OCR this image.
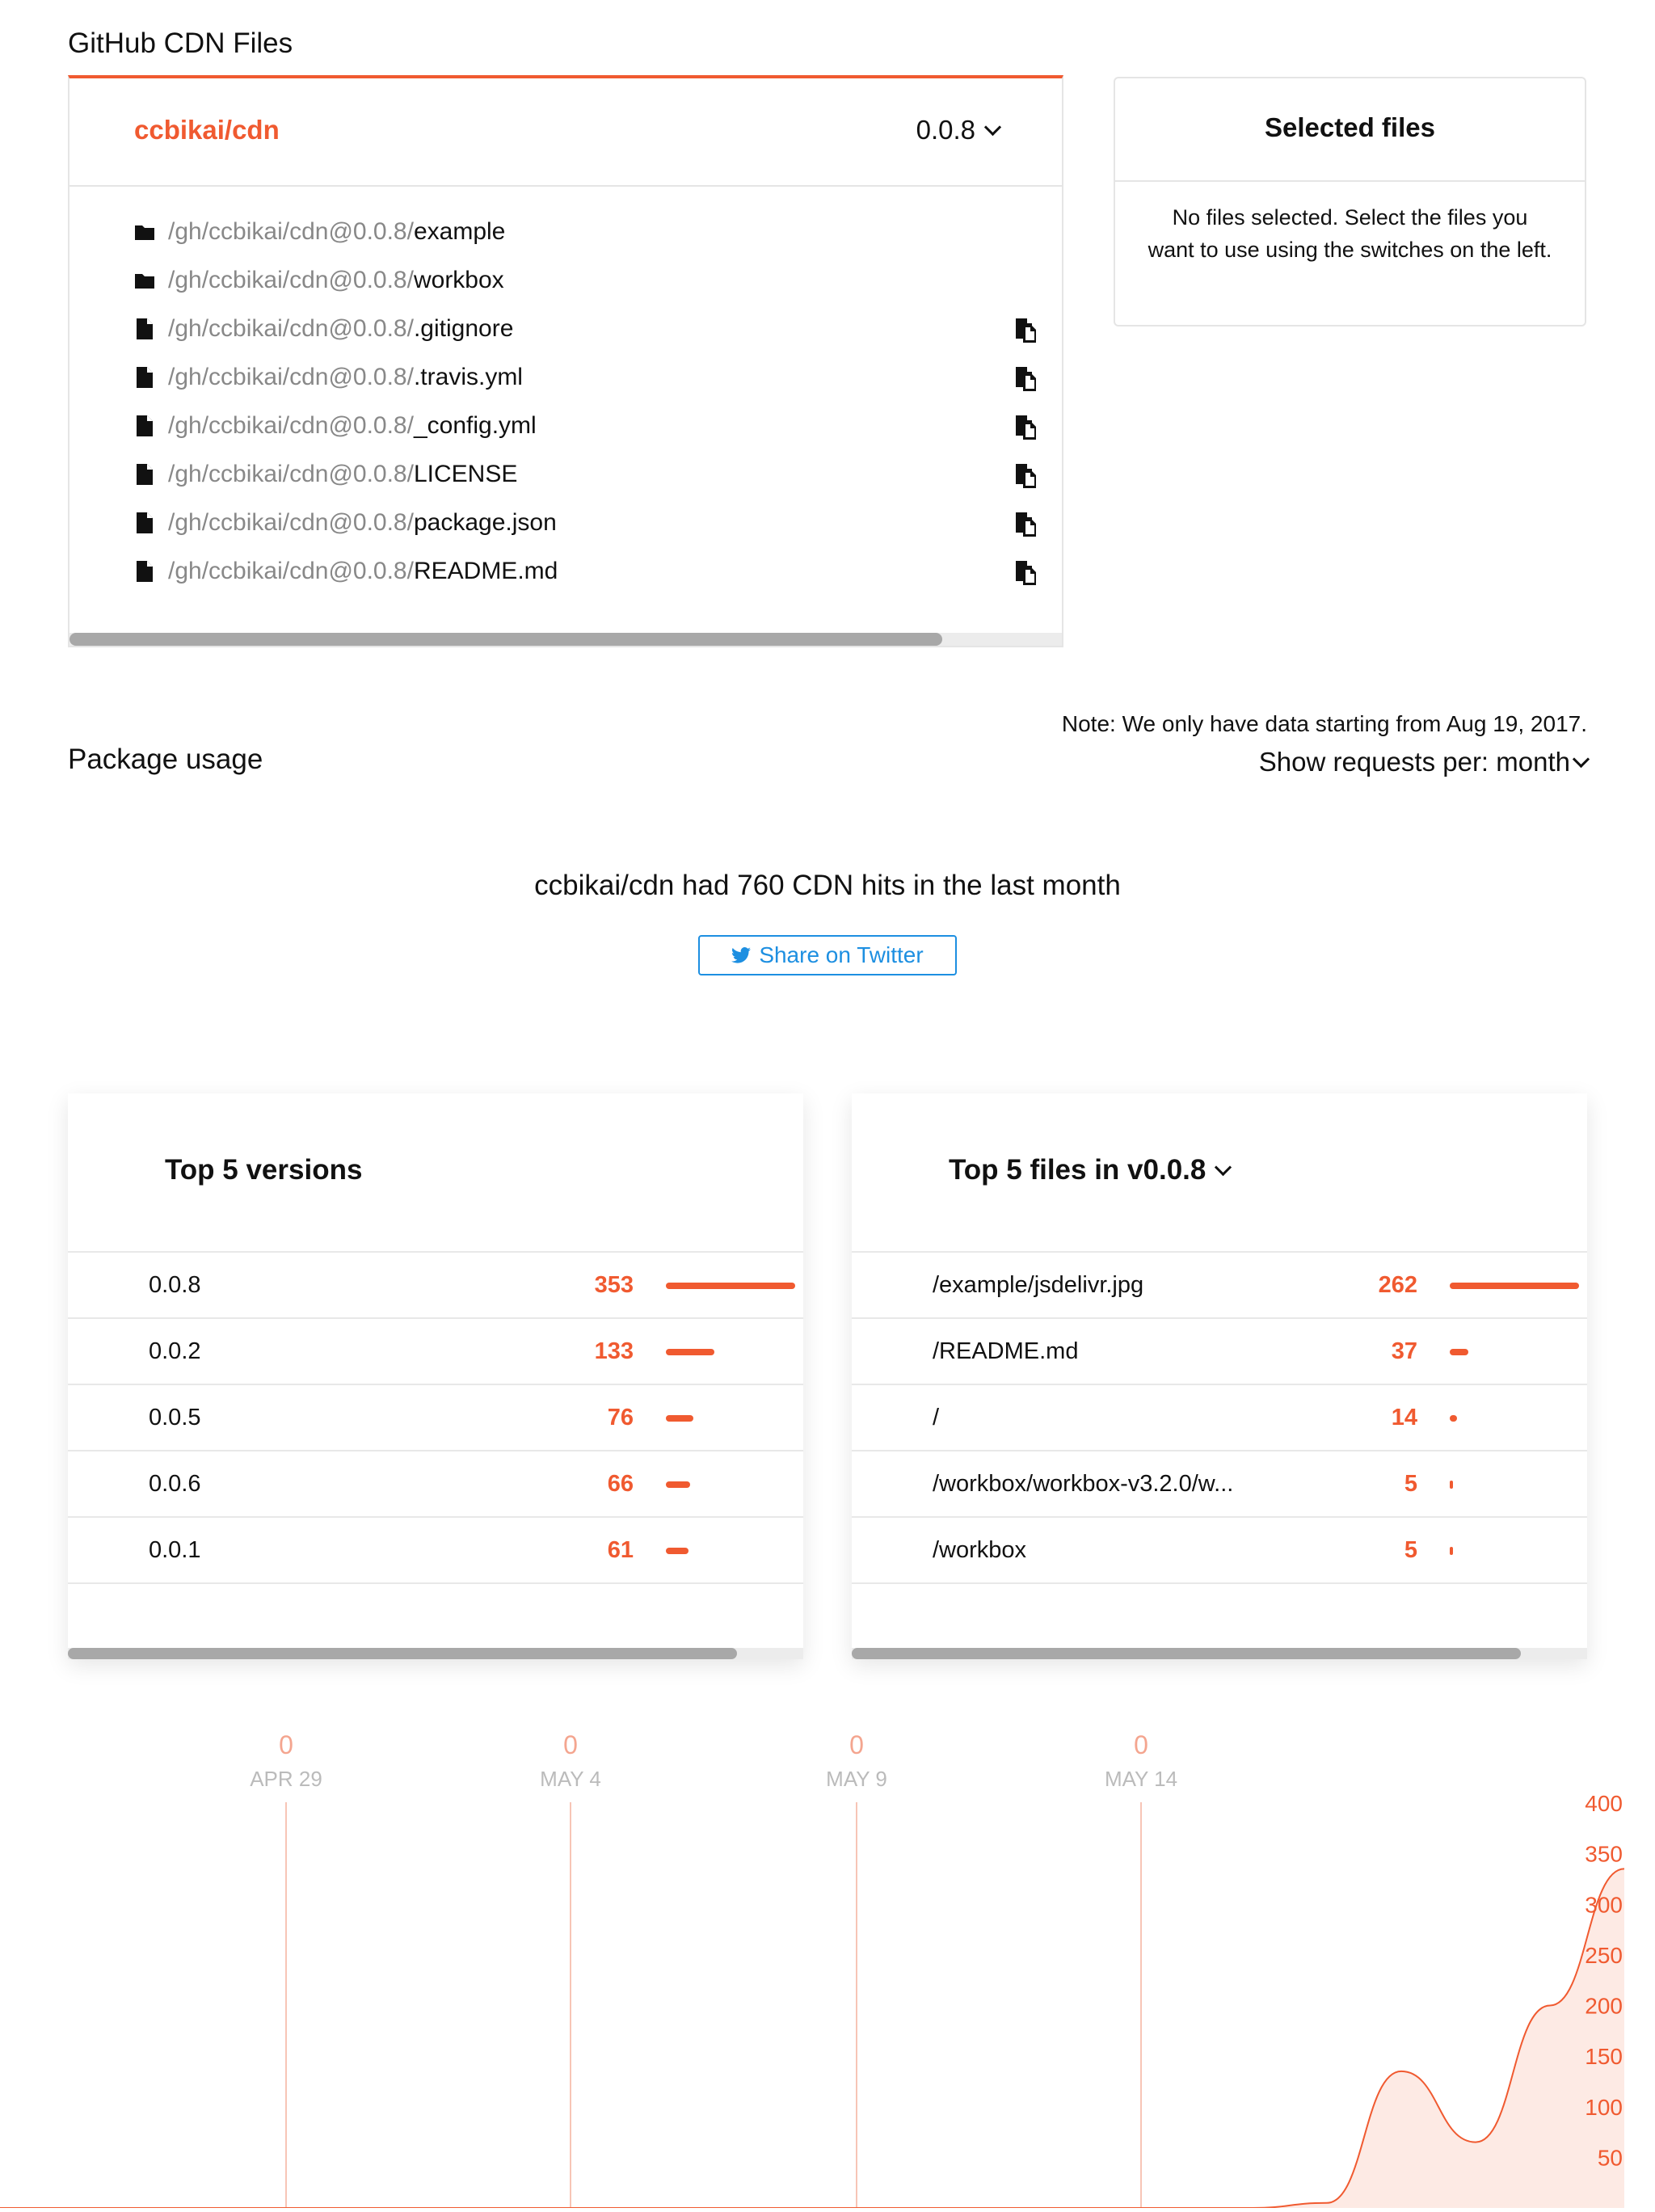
GitHub CDN Files
ccbikai/cdn	0.0.8
/gh/ccbikai/cdn@0.0.8/ example
/gh/ccbikai/cdn@0.0.8/ workbox
/gh/ccbikai/cdn@0.0.8/ .gitignore
/gh/ccbikai/cdn@0.0.8/ .travis.yml
/gh/ccbikai/cdn@0.0.8/ _config.yml
/gh/ccbikai/cdn@0.0.8/ LICENSE
/gh/ccbikai/cdn@0.0.8/ package.json
/gh/ccbikai/cdn@0.0.8/ README.md
Selected files
No files selected. Select the files you want to use using the switches on the left.
Package usage
Note: We only have data starting from Aug 19, 2017.
Show requests per: month
ccbikai/cdn had 760 CDN hits in the last month
Share on Twitter
Top 5 versions
0.0.8	353
0.0.2	133
0.0.5	76
0.0.6	66
0.0.1	61
Top 5 files in v0.0.8
/example/jsdelivr.jpg	262
/README.md	37
/	14
/workbox/workbox-v3.2.0/w...	5
/workbox	5
0
APR 29
0
MAY 4
0
MAY 9
0
MAY 14
400
350
300
250
200
150
100
50
